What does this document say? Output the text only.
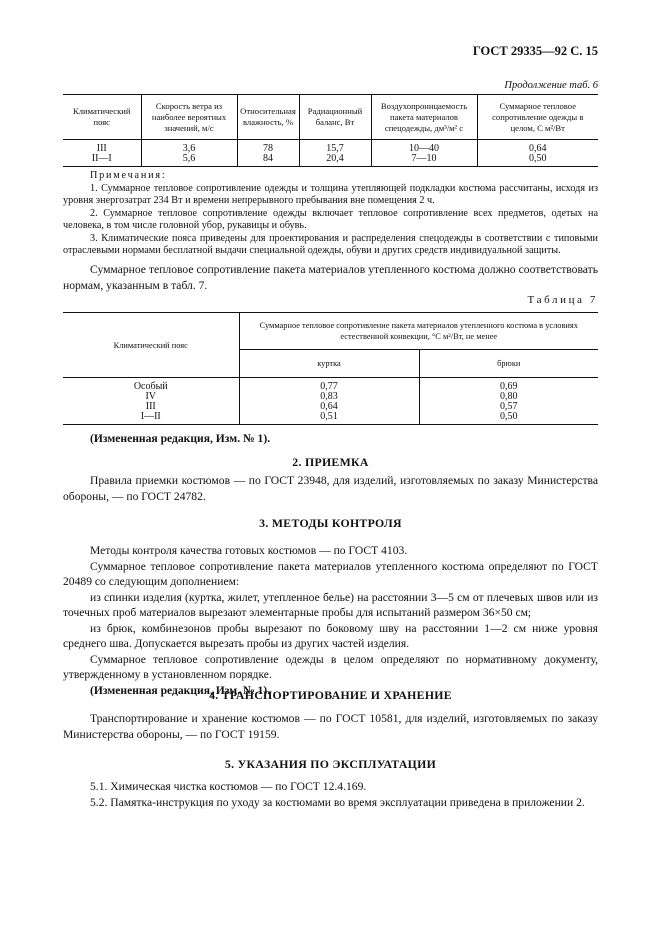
ГОСТ 29335—92 С. 15
Продолжение таб. 6
Климатический пояс	Скорость ветра из наиболее вероятных значений, м/с	Относительная влажность, %	Радиационный баланс, Вт	Воздухопроницаемость пакета материалов спецодежды, дм³/м² с	Суммарное тепловое сопротивление одежды в целом, С м²/Вт
III	3,6	78	15,7	10—40	0,64
II—I	5,6	84	20,4	7—10	0,50

Примечания:

1. Суммарное тепловое сопротивление одежды и толщина утепляющей подкладки костюма рассчитаны, исходя из уровня энергозатрат 234 Вт и времени непрерывного пребывания вне помещения 2 ч.

2. Суммарное тепловое сопротивление одежды включает тепловое сопротивление всех предметов, одетых на человека, в том числе головной убор, рукавицы и обувь.

3. Климатические пояса приведены для проектирования и распределения спецодежды в соответствии с типовыми отраслевыми нормами бесплатной выдачи специальной одежды, обуви и других средств индивидуальной защиты.

Суммарное тепловое сопротивление пакета материалов утепленного костюма должно соответствовать нормам, указанным в табл. 7.

Таблица 7
Климатический пояс	Суммарное тепловое сопротивление пакета материалов утепленного костюма в условиях естественной конвекции, °С м²/Вт, не менее	
	куртка	брюки
Особый	0,77	0,69
IV	0,83	0,80
III	0,64	0,57
I—II	0,51	0,50

(Измененная редакция, Изм. № 1).

2. ПРИЕМКА

Правила приемки костюмов — по ГОСТ 23948, для изделий, изготовляемых по заказу Министерства обороны, — по ГОСТ 24782.

3. МЕТОДЫ КОНТРОЛЯ
Методы контроля качества готовых костюмов — по ГОСТ 4103.
Суммарное тепловое сопротивление пакета материалов утепленного костюма определяют по ГОСТ 20489 со следующим дополнением:
из спинки изделия (куртка, жилет, утепленное белье) на расстоянии 3—5 см от плечевых швов или из точечных проб материалов вырезают элементарные пробы для испытаний размером 36×50 см;
из брюк, комбинезонов пробы вырезают по боковому шву на расстоянии 1—2 см ниже уровня среднего шва. Допускается вырезать пробы из других частей изделия.
Суммарное тепловое сопротивление одежды в целом определяют по нормативному документу, утвержденному в установленном порядке.
(Измененная редакция, Изм. № 1).
4. ТРАНСПОРТИРОВАНИЕ И ХРАНЕНИЕ

Транспортирование и хранение костюмов — по ГОСТ 10581, для изделий, изготовляемых по заказу Министерства обороны, — по ГОСТ 19159.

5. УКАЗАНИЯ ПО ЭКСПЛУАТАЦИИ
5.1. Химическая чистка костюмов — по ГОСТ 12.4.169.
5.2. Памятка-инструкция по уходу за костюмами во время эксплуатации приведена в приложении 2.
